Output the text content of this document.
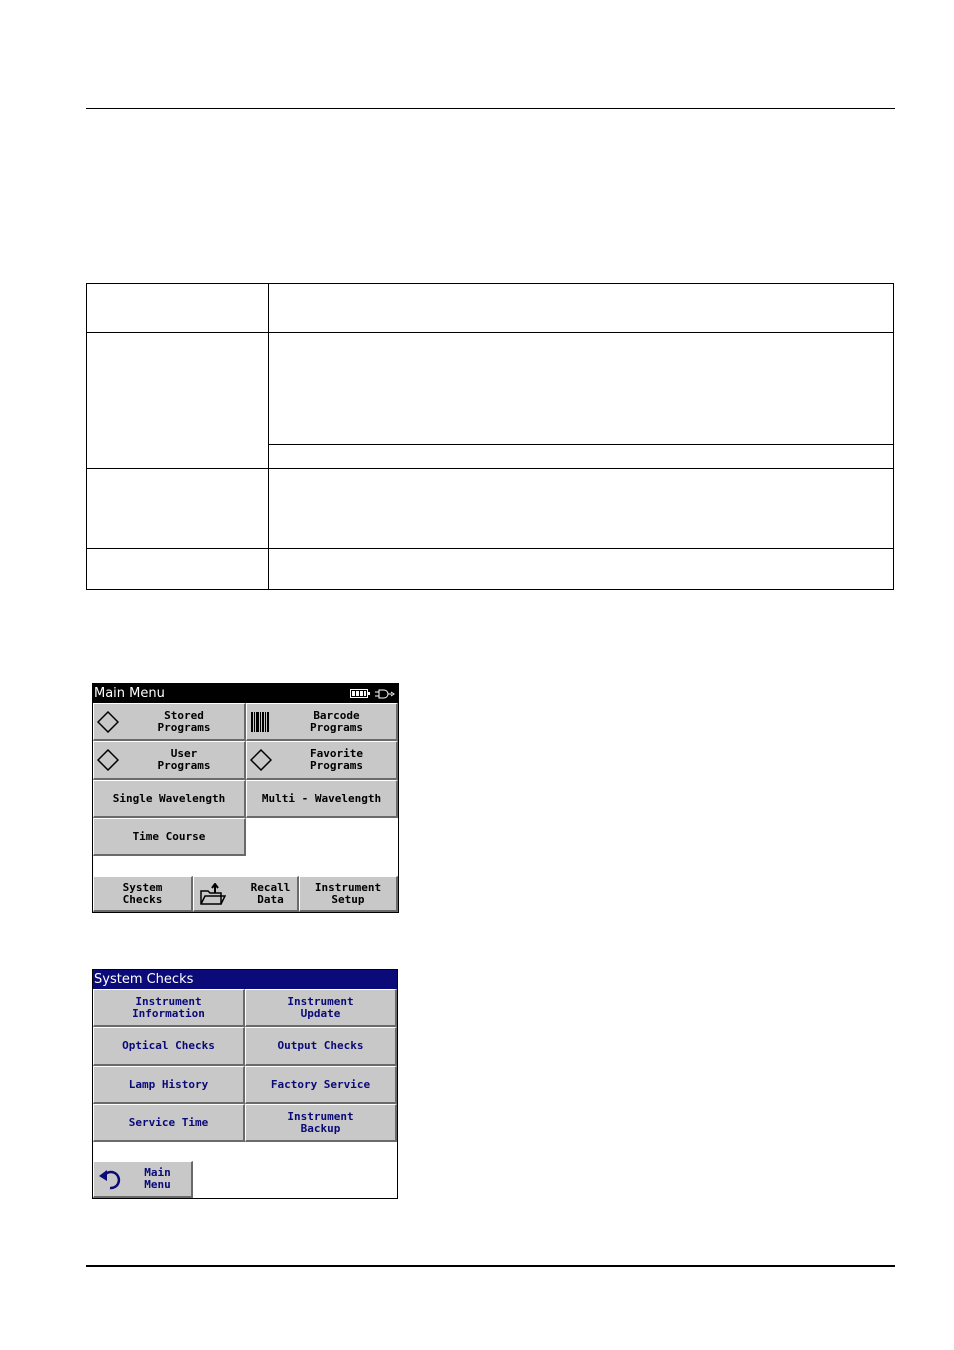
Main Menu
Stored
Programs
Barcode
Programs
User
Programs
Favorite
Programs
Single Wavelength	Multi - Wavelength
Time Course
System
Checks
Recall
Data
Instrument
Setup
System Checks
Instrument
Information
Instrument
Update
Optical Checks	Output Checks
Lamp History	Factory Service
Service Time	Instrument
Backup
Main
Menu
